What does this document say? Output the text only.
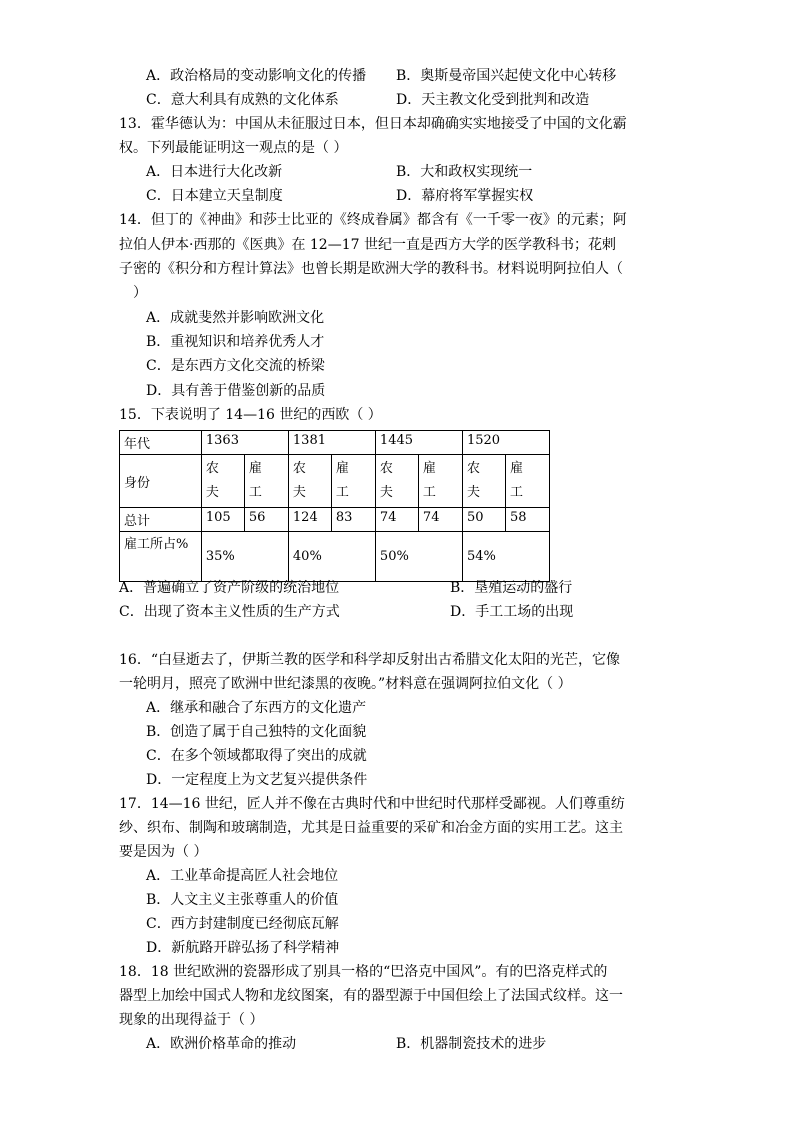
A．政治格局的变动影响文化的传播 B．奥斯曼帝国兴起使文化中心转移
C．意大利具有成熟的文化体系	D．天主教文化受到批判和改造
13．霍华德认为：中国从未征服过日本，但日本却确确实实地接受了中国的文化霸
权。下列最能证明这一观点的是（ ）
A．日本进行大化改新	B．大和政权实现统一
C．日本建立天皇制度	D．幕府将军掌握实权
14．但丁的《神曲》和莎士比亚的《终成眷属》都含有《一千零一夜》的元素；阿
拉伯人伊本·西那的《医典》在 12—17 世纪一直是西方大学的医学教科书；花剌
子密的《积分和方程计算法》也曾长期是欧洲大学的教科书。材料说明阿拉伯人（
）
A．成就斐然并影响欧洲文化
B．重视知识和培养优秀人才
C．是东西方文化交流的桥梁
D．具有善于借鉴创新的品质
15．下表说明了 14—16 世纪的西欧（ ）
年代	1363		1381		1445		1520	
身份	农夫	雇工	农夫	雇工	农夫	雇工	农夫	雇工

总计	105	56	124	83	74	74	50	58

雇工所占%	35%		40%		50%		54%	
A．普遍确立了资产阶级的统治地位	B．垦殖运动的盛行
C．出现了资本主义性质的生产方式	D．手工工场的出现
16．“白昼逝去了，伊斯兰教的医学和科学却反射出古希腊文化太阳的光芒，它像
一轮明月，照亮了欧洲中世纪漆黑的夜晚。”材料意在强调阿拉伯文化（ ）
A．继承和融合了东西方的文化遗产
B．创造了属于自己独特的文化面貌
C．在多个领域都取得了突出的成就
D．一定程度上为文艺复兴提供条件
17．14—16 世纪，匠人并不像在古典时代和中世纪时代那样受鄙视。人们尊重纺
纱、织布、制陶和玻璃制造，尤其是日益重要的采矿和冶金方面的实用工艺。这主
要是因为（ ）
A．工业革命提高匠人社会地位
B．人文主义主张尊重人的价值
C．西方封建制度已经彻底瓦解
D．新航路开辟弘扬了科学精神
18．18 世纪欧洲的瓷器形成了别具一格的“巴洛克中国风”。有的巴洛克样式的
器型上加绘中国式人物和龙纹图案，有的器型源于中国但绘上了法国式纹样。这一
现象的出现得益于（ ）
A．欧洲价格革命的推动	B．机器制瓷技术的进步
